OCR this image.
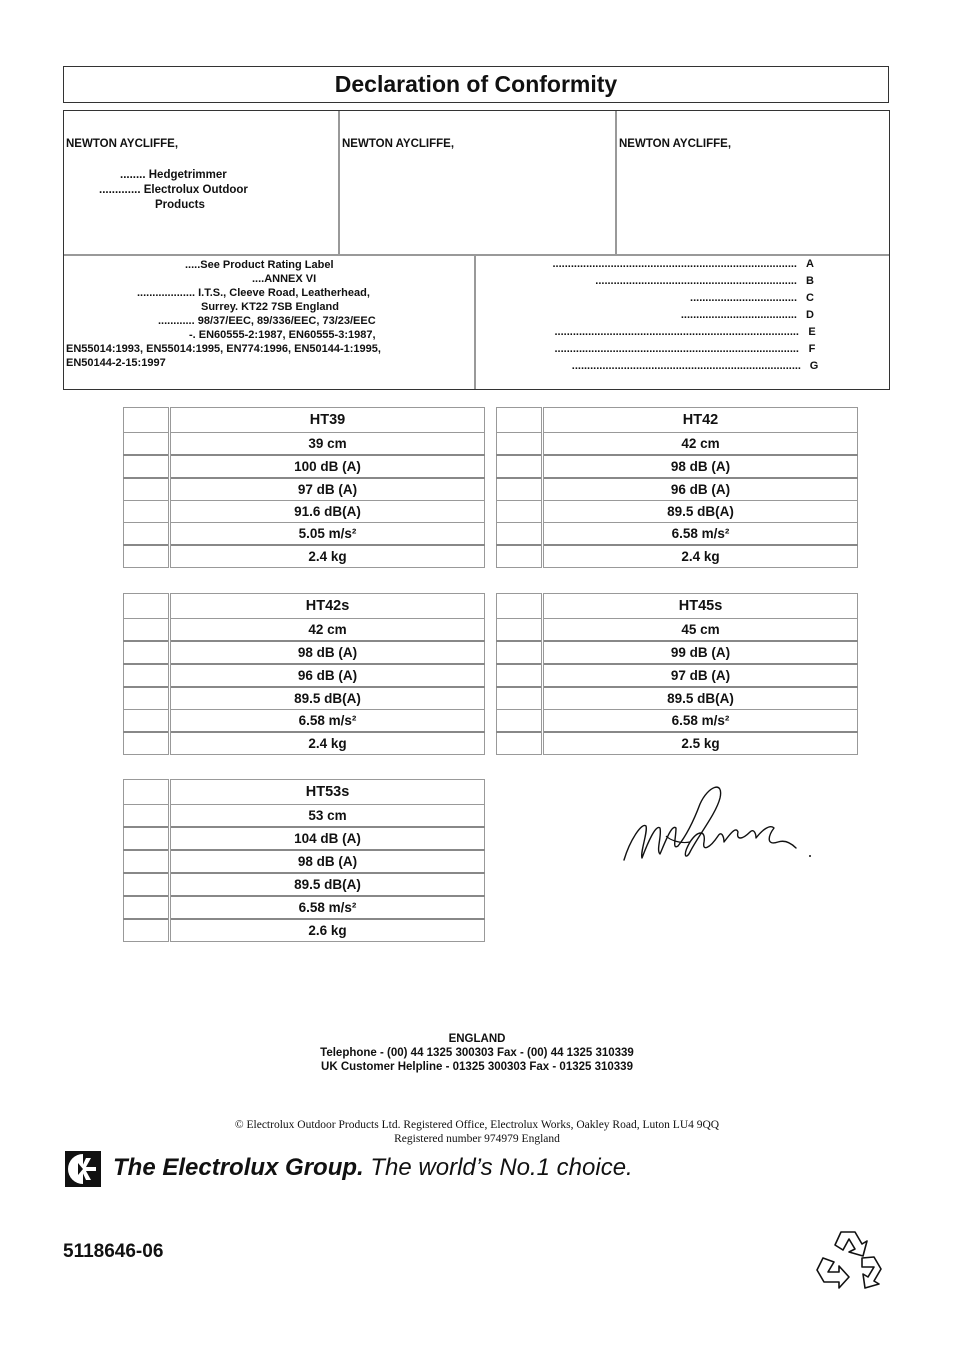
Declaration of Conformity
NEWTON AYCLIFFE,
........ Hedgetrimmer
............. Electrolux Outdoor
Products
NEWTON AYCLIFFE,	NEWTON AYCLIFFE,
.....See Product Rating Label
....ANNEX VI
................... I.T.S., Cleeve Road, Leatherhead,
Surrey. KT22 7SB England
............ 98/37/EEC, 89/336/EEC, 73/23/EEC
-. EN60555-2:1987, EN60555-3:1987,
EN55014:1993, EN55014:1995, EN774:1996, EN50144-1:1995,
EN50144-2-15:1997
................................................................................ A
.................................................................. B
................................... C
...................................... D
................................................................................ E
................................................................................ F
........................................................................... G
	HT39
	39 cm
	100 dB (A)
	97 dB (A)
	91.6 dB(A)
	5.05 m/s²
	2.4 kg
	HT42
	42 cm
	98 dB (A)
	96 dB (A)
	89.5 dB(A)
	6.58 m/s²
	2.4 kg
	HT42s
	42 cm
	98 dB (A)
	96 dB (A)
	89.5 dB(A)
	6.58 m/s²
	2.4 kg
	HT45s
	45 cm
	99 dB (A)
	97 dB (A)
	89.5 dB(A)
	6.58 m/s²
	2.5 kg
	HT53s
	53 cm
	104 dB (A)
	98 dB (A)
	89.5 dB(A)
	6.58 m/s²
	2.6 kg
ENGLAND
Telephone - (00) 44 1325 300303 Fax - (00) 44 1325 310339
UK Customer Helpline - 01325 300303 Fax - 01325 310339
© Electrolux Outdoor Products Ltd. Registered Office, Electrolux Works, Oakley Road, Luton LU4 9QQ
Registered number 974979 England
The Electrolux Group. The world’s No.1 choice.
5118646-06
